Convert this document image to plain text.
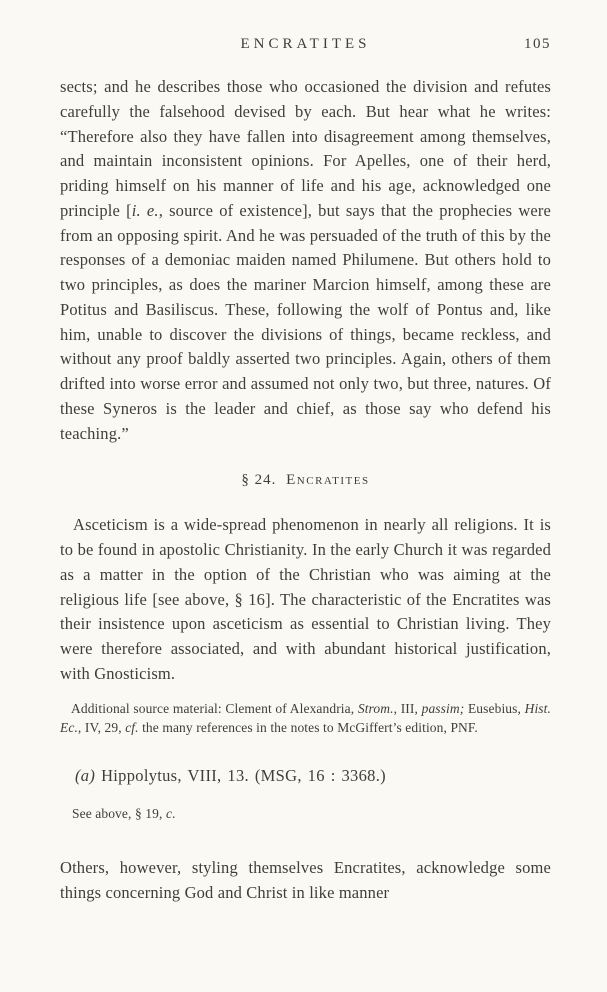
ENCRATITES	105

sects; and he describes those who occasioned the division and refutes carefully the falsehood devised by each. But hear what he writes: “Therefore also they have fallen into disagreement among themselves, and maintain inconsistent opinions. For Apelles, one of their herd, priding himself on his manner of life and his age, acknowledged one principle [i. e., source of existence], but says that the prophecies were from an opposing spirit. And he was persuaded of the truth of this by the responses of a demoniac maiden named Philumene. But others hold to two principles, as does the mariner Marcion himself, among these are Potitus and Basiliscus. These, following the wolf of Pontus and, like him, unable to discover the divisions of things, became reckless, and without any proof baldly asserted two principles. Again, others of them drifted into worse error and assumed not only two, but three, natures. Of these Syneros is the leader and chief, as those say who defend his teaching.”

§ 24. Encratites

Asceticism is a wide-spread phenomenon in nearly all religions. It is to be found in apostolic Christianity. In the early Church it was regarded as a matter in the option of the Christian who was aiming at the religious life [see above, § 16]. The characteristic of the Encratites was their insistence upon asceticism as essential to Christian living. They were therefore associated, and with abundant historical justification, with Gnosticism.

Additional source material: Clement of Alexandria, Strom., III, passim; Eusebius, Hist. Ec., IV, 29, cf. the many references in the notes to McGiffert’s edition, PNF.

(a) Hippolytus, VIII, 13. (MSG, 16 : 3368.)

See above, § 19, c.

Others, however, styling themselves Encratites, acknowledge some things concerning God and Christ in like manner
